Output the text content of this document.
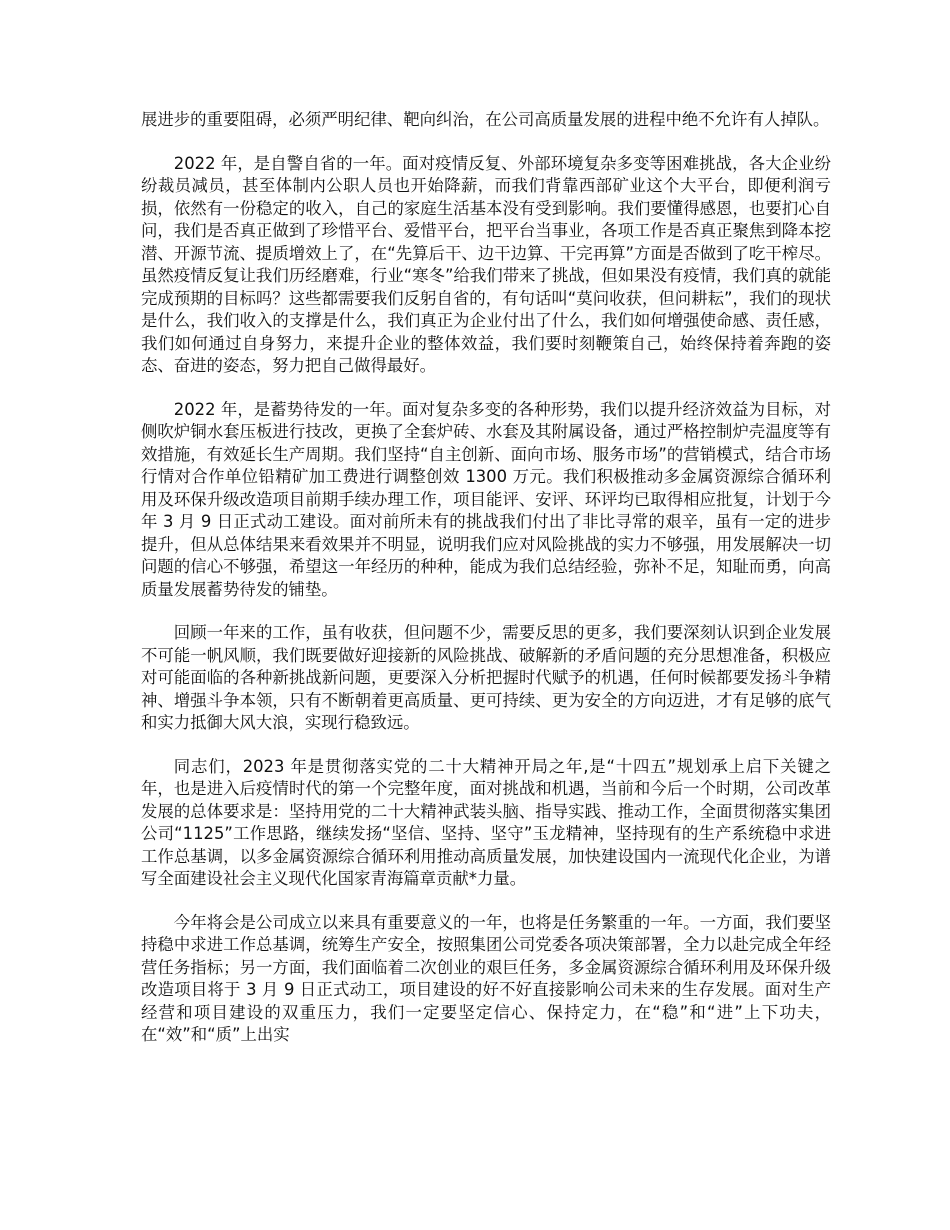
展进步的重要阻碍，必须严明纪律、靶向纠治，在公司高质量发展的进程中绝不允许有人掉队。

2022 年，是自警自省的一年。面对疫情反复、外部环境复杂多变等困难挑战，各大企业纷纷裁员减员，甚至体制内公职人员也开始降薪，而我们背靠西部矿业这个大平台，即便利润亏损，依然有一份稳定的收入，自己的家庭生活基本没有受到影响。我们要懂得感恩，也要扪心自问，我们是否真正做到了珍惜平台、爱惜平台，把平台当事业，各项工作是否真正聚焦到降本挖潜、开源节流、提质增效上了，在“先算后干、边干边算、干完再算”方面是否做到了吃干榨尽。虽然疫情反复让我们历经磨难，行业“寒冬”给我们带来了挑战，但如果没有疫情，我们真的就能完成预期的目标吗？这些都需要我们反躬自省的，有句话叫“莫问收获，但问耕耘”，我们的现状是什么，我们收入的支撑是什么，我们真正为企业付出了什么，我们如何增强使命感、责任感，我们如何通过自身努力，来提升企业的整体效益，我们要时刻鞭策自己，始终保持着奔跑的姿态、奋进的姿态，努力把自己做得最好。

2022 年，是蓄势待发的一年。面对复杂多变的各种形势，我们以提升经济效益为目标，对侧吹炉铜水套压板进行技改，更换了全套炉砖、水套及其附属设备，通过严格控制炉壳温度等有效措施，有效延长生产周期。我们坚持“自主创新、面向市场、服务市场”的营销模式，结合市场行情对合作单位铅精矿加工费进行调整创效 1300 万元。我们积极推动多金属资源综合循环利用及环保升级改造项目前期手续办理工作，项目能评、安评、环评均已取得相应批复，计划于今年 3 月 9 日正式动工建设。面对前所未有的挑战我们付出了非比寻常的艰辛，虽有一定的进步提升，但从总体结果来看效果并不明显，说明我们应对风险挑战的实力不够强，用发展解决一切问题的信心不够强，希望这一年经历的种种，能成为我们总结经验，弥补不足，知耻而勇，向高质量发展蓄势待发的铺垫。

回顾一年来的工作，虽有收获，但问题不少，需要反思的更多，我们要深刻认识到企业发展不可能一帆风顺，我们既要做好迎接新的风险挑战、破解新的矛盾问题的充分思想准备，积极应对可能面临的各种新挑战新问题，更要深入分析把握时代赋予的机遇，任何时候都要发扬斗争精神、增强斗争本领，只有不断朝着更高质量、更可持续、更为安全的方向迈进，才有足够的底气和实力抵御大风大浪，实现行稳致远。

同志们，2023 年是贯彻落实党的二十大精神开局之年,是“十四五”规划承上启下关键之年，也是进入后疫情时代的第一个完整年度，面对挑战和机遇，当前和今后一个时期，公司改革发展的总体要求是：坚持用党的二十大精神武装头脑、指导实践、推动工作，全面贯彻落实集团公司“1125”工作思路，继续发扬“坚信、坚持、坚守”玉龙精神，坚持现有的生产系统稳中求进工作总基调，以多金属资源综合循环利用推动高质量发展，加快建设国内一流现代化企业，为谱写全面建设社会主义现代化国家青海篇章贡献*力量。

今年将会是公司成立以来具有重要意义的一年，也将是任务繁重的一年。一方面，我们要坚持稳中求进工作总基调，统筹生产安全，按照集团公司党委各项决策部署，全力以赴完成全年经营任务指标；另一方面，我们面临着二次创业的艰巨任务，多金属资源综合循环利用及环保升级改造项目将于 3 月 9 日正式动工，项目建设的好不好直接影响公司未来的生存发展。面对生产经营和项目建设的双重压力，我们一定要坚定信心、保持定力，在“稳”和“进”上下功夫，在“效”和“质”上出实
